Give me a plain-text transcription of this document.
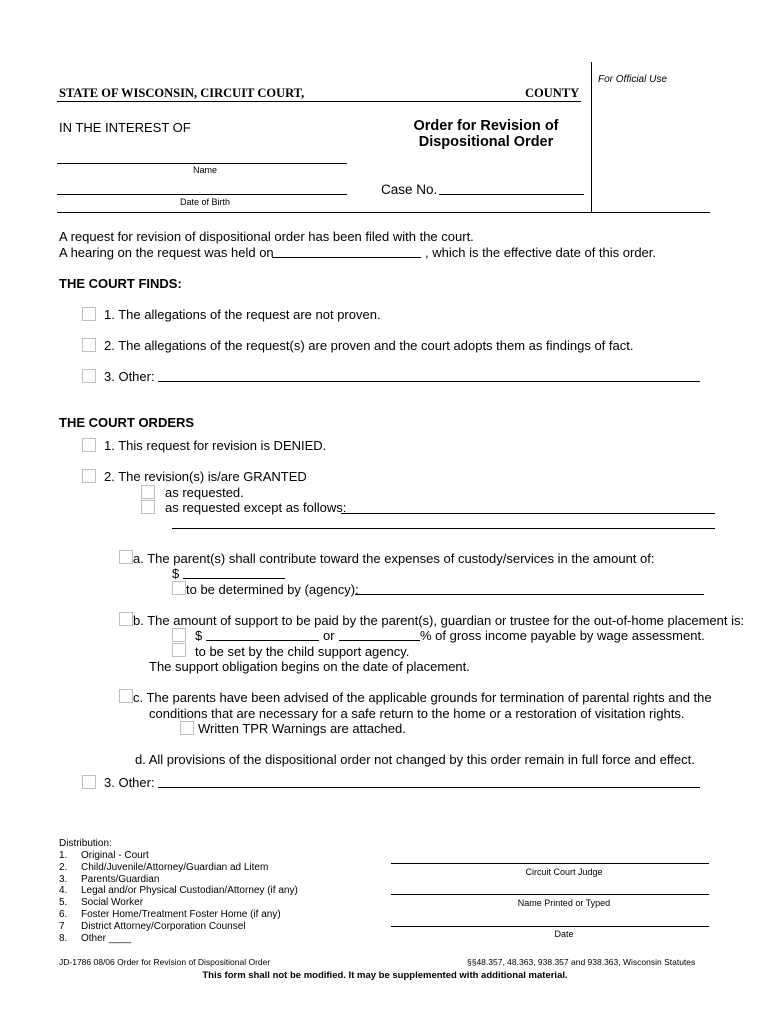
For Official Use
STATE OF WISCONSIN, CIRCUIT COURT,	COUNTY
IN THE INTEREST OF	Order for Revision of
Dispositional Order
Name
Date of Birth
Case No.
A request for revision of dispositional order has been filed with the court.
A hearing on the request was held on	, which is the effective date of this order.
THE COURT FINDS:
1. The allegations of the request are not proven.
2. The allegations of the request(s) are proven and the court adopts them as findings of fact.
3. Other:
THE COURT ORDERS
1. This request for revision is DENIED.
2. The revision(s) is/are GRANTED
as requested.
as requested except as follows:
a. The parent(s) shall contribute toward the expenses of custody/services in the amount of:
$
to be determined by (agency):
b. The amount of support to be paid by the parent(s), guardian or trustee for the out-of-home placement is:
$	or	% of gross income payable by wage assessment.
to be set by the child support agency.
The support obligation begins on the date of placement.
c. The parents have been advised of the applicable grounds for termination of parental rights and the
conditions that are necessary for a safe return to the home or a restoration of visitation rights.
Written TPR Warnings are attached.
d. All provisions of the dispositional order not changed by this order remain in full force and effect.
3. Other:
Distribution:
1. Original - Court
2. Child/Juvenile/Attorney/Guardian ad Litem
3. Parents/Guardian
4. Legal and/or Physical Custodian/Attorney (if any)
5. Social Worker
6. Foster Home/Treatment Foster Home (if any)
7 District Attorney/Corporation Counsel
8. Other ____
Circuit Court Judge
Name Printed or Typed
Date
JD-1786 08/06 Order for Revision of Dispositional Order	§§48.357, 48.363, 938.357 and 938.363, Wisconsin Statutes
This form shall not be modified. It may be supplemented with additional material.
